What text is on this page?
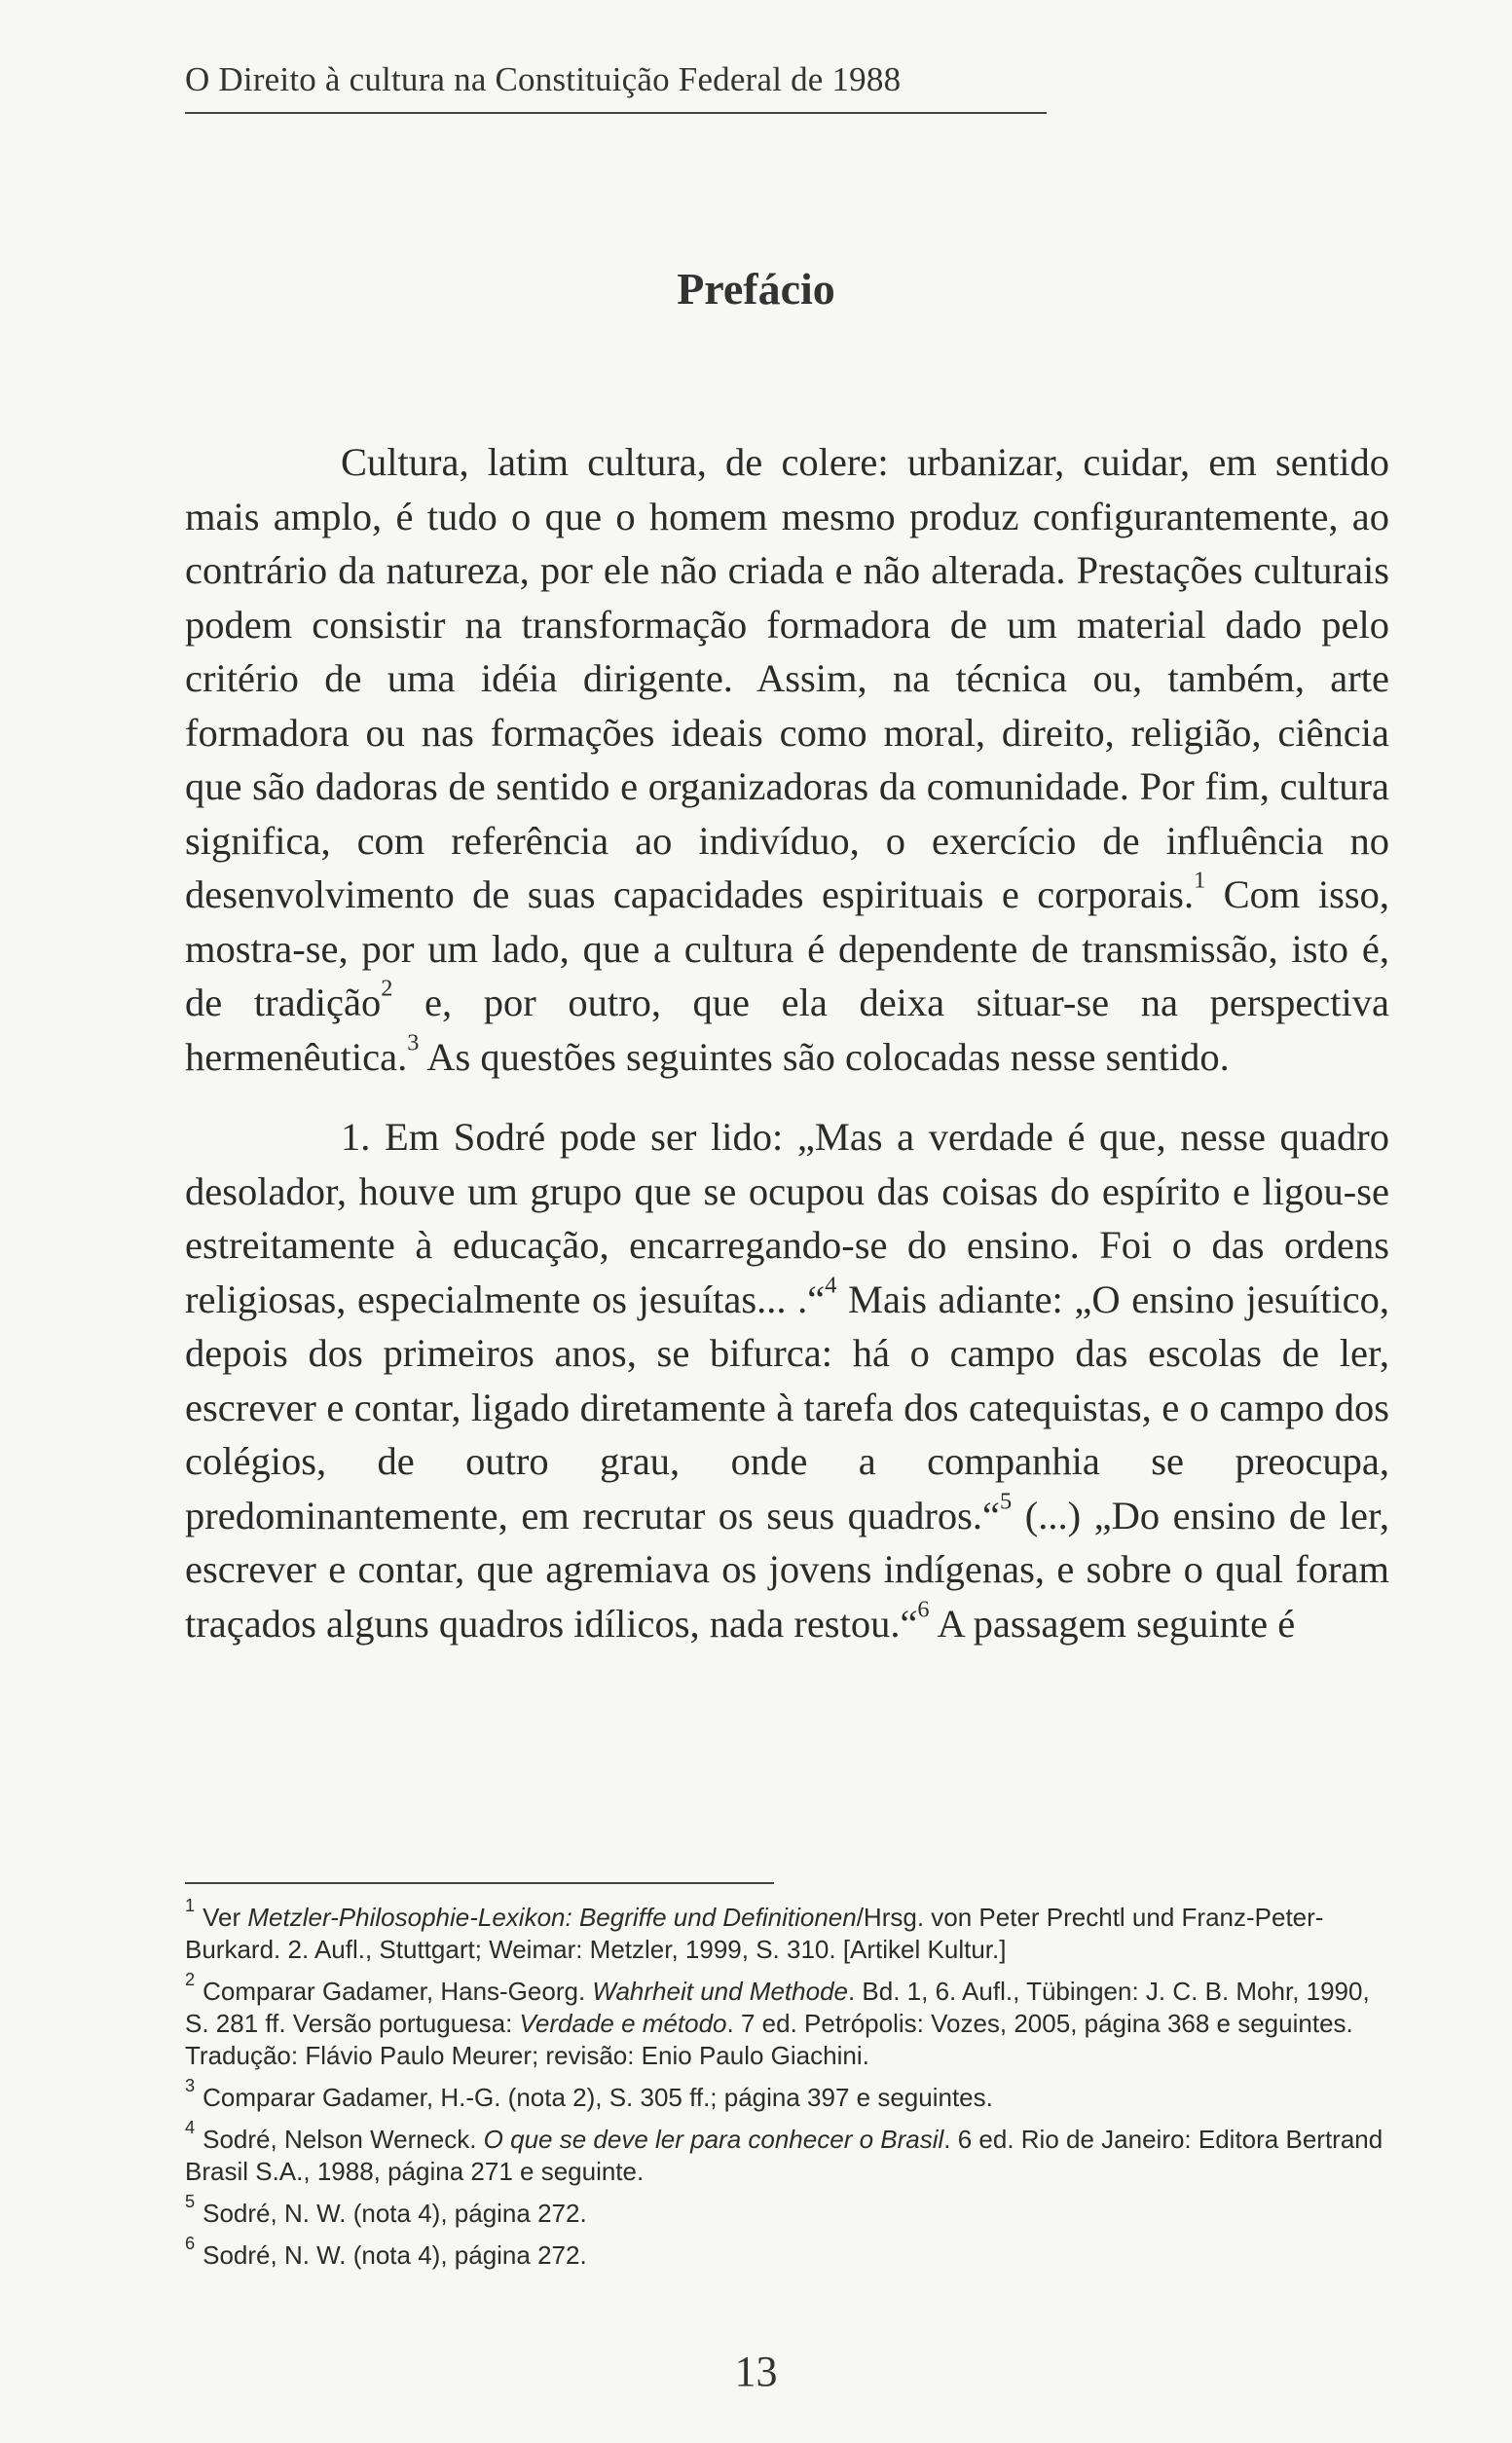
O Direito à cultura na Constituição Federal de 1988
Prefácio

Cultura, latim cultura, de colere: urbanizar, cuidar, em sentido mais amplo, é tudo o que o homem mesmo produz configurantemente, ao contrário da natureza, por ele não criada e não alterada. Prestações culturais podem consistir na transformação formadora de um material dado pelo critério de uma idéia dirigente. Assim, na técnica ou, também, arte formadora ou nas formações ideais como moral, direito, religião, ciência que são dadoras de sentido e organizadoras da comunidade. Por fim, cultura significa, com referência ao indivíduo, o exercício de influência no desenvolvimento de suas capacidades espirituais e corporais.$^1$ Com isso, mostra-se, por um lado, que a cultura é dependente de transmissão, isto é, de tradição$^2$ e, por outro, que ela deixa situar-se na perspectiva hermenêutica.$^3$ As questões seguintes são colocadas nesse sentido.

1. Em Sodré pode ser lido: „Mas a verdade é que, nesse quadro desolador, houve um grupo que se ocupou das coisas do espírito e ligou-se estreitamente à educação, encarregando-se do ensino. Foi o das ordens religiosas, especialmente os jesuítas... .“$^4$ Mais adiante: „O ensino jesuítico, depois dos primeiros anos, se bifurca: há o campo das escolas de ler, escrever e contar, ligado diretamente à tarefa dos catequistas, e o campo dos colégios, de outro grau, onde a companhia se preocupa, predominantemente, em recrutar os seus quadros.“$^5$ (...) „Do ensino de ler, escrever e contar, que agremiava os jovens indígenas, e sobre o qual foram traçados alguns quadros idílicos, nada restou.“$^6$ A passagem seguinte é

$^1$ Ver Metzler-Philosophie-Lexikon: Begriffe und Definitionen/Hrsg. von Peter Prechtl und Franz-Peter-Burkard. 2. Aufl., Stuttgart; Weimar: Metzler, 1999, S. 310. [Artikel Kultur.]
$^2$ Comparar Gadamer, Hans-Georg. Wahrheit und Methode. Bd. 1, 6. Aufl., Tübingen: J. C. B. Mohr, 1990, S. 281 ff. Versão portuguesa: Verdade e método. 7 ed. Petrópolis: Vozes, 2005, página 368 e seguintes. Tradução: Flávio Paulo Meurer; revisão: Enio Paulo Giachini.
$^3$ Comparar Gadamer, H.-G. (nota 2), S. 305 ff.; página 397 e seguintes.
$^4$ Sodré, Nelson Werneck. O que se deve ler para conhecer o Brasil. 6 ed. Rio de Janeiro: Editora Bertrand Brasil S.A., 1988, página 271 e seguinte.
$^5$ Sodré, N. W. (nota 4), página 272.
$^6$ Sodré, N. W. (nota 4), página 272.
13
